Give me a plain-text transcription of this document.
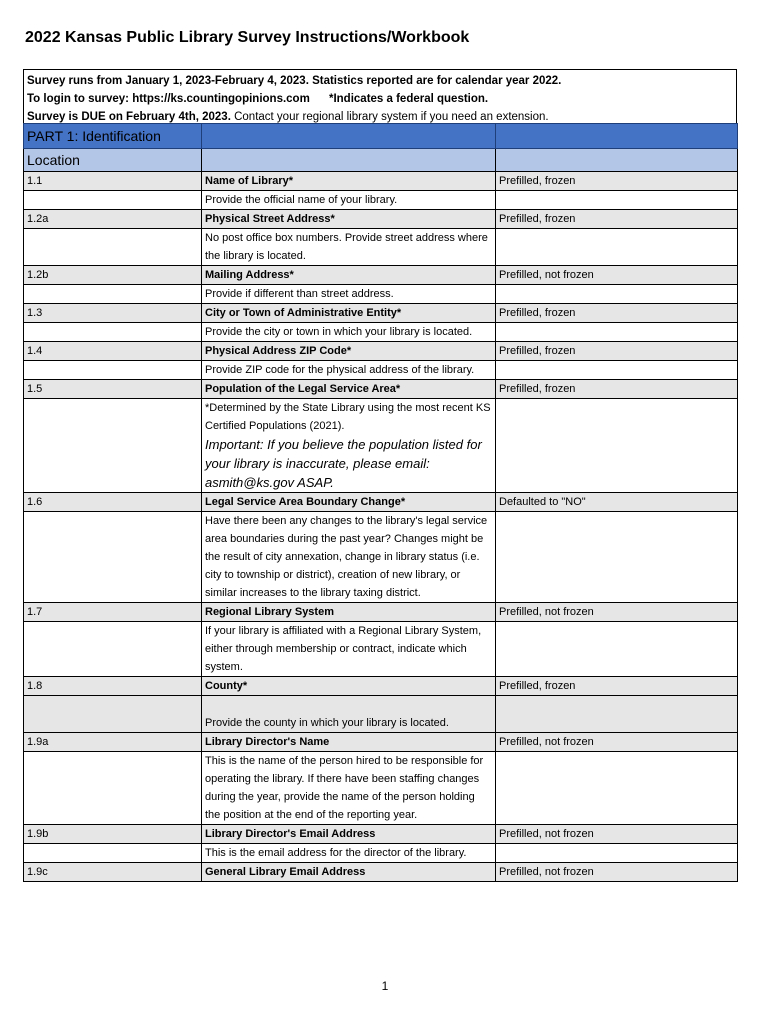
2022 Kansas Public Library Survey Instructions/Workbook
Survey runs from January 1, 2023-February 4, 2023. Statistics reported are for calendar year 2022.
To login to survey: https://ks.countingopinions.com *Indicates a federal question.
Survey is DUE on February 4th, 2023. Contact your regional library system if you need an extension.
PART 1: Identification		
Location		
1.1	Name of Library*	Prefilled, frozen
	Provide the official name of your library.	
1.2a	Physical Street Address*	Prefilled, frozen
	No post office box numbers. Provide street address where the library is located.	
1.2b	Mailing Address*	Prefilled, not frozen
	Provide if different than street address.	
1.3	City or Town of Administrative Entity*	Prefilled, frozen
	Provide the city or town in which your library is located.	
1.4	Physical Address ZIP Code*	Prefilled, frozen
	Provide ZIP code for the physical address of the library.	
1.5	Population of the Legal Service Area*	Prefilled, frozen

	*Determined by the State Library using the most recent KS Certified Populations (2021).
Important: If you believe the population listed for your library is inaccurate, please email: asmith@ks.gov ASAP.	

1.6	Legal Service Area Boundary Change*	Defaulted to "NO"
	Have there been any changes to the library's legal service area boundaries during the past year? Changes might be the result of city annexation, change in library status (i.e. city to township or district), creation of new library, or similar increases to the library taxing district.	
1.7	Regional Library System	Prefilled, not frozen
	If your library is affiliated with a Regional Library System, either through membership or contract, indicate which system.	
1.8	County*	Prefilled, frozen
	Provide the county in which your library is located.	
1.9a	Library Director's Name	Prefilled, not frozen
	This is the name of the person hired to be responsible for operating the library. If there have been staffing changes during the year, provide the name of the person holding the position at the end of the reporting year.	
1.9b	Library Director's Email Address	Prefilled, not frozen
	This is the email address for the director of the library.	
1.9c	General Library Email Address	Prefilled, not frozen
1
